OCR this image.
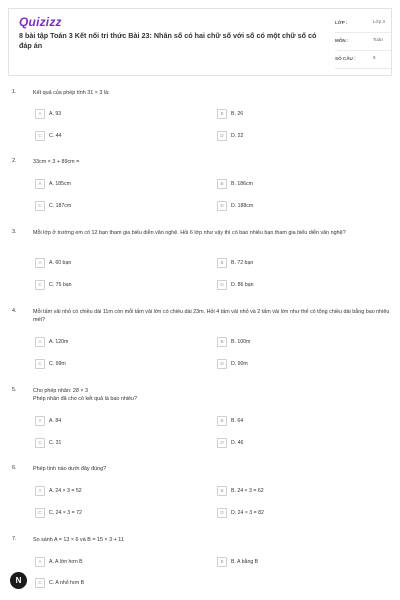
Quizizz
8 bài tập Toán 3 Kết nối tri thức Bài 23: Nhân số có hai chữ số với số có một chữ số có đáp án
LỚP :	Lớp 3
MÔN :	Toán
SỐ CÂU :	8
1.	Kết quả của phép tính 31 × 3 là:
A	A. 93	B	B. 26
C	C. 44	D	D. 22
2.	33cm × 3 + 89cm =
A	A. 185cm	B	B. 186cm
C	C. 187cm	D	D. 188cm
3.	Mỗi lớp ở trường em có 12 bạn tham gia biểu diễn văn nghệ. Hỏi 6 lớp như vậy thì có bao nhiêu bạn tham gia biểu diễn văn nghệ?
A	A. 60 bạn	B	B. 72 bạn
C	C. 75 bạn	D	D. 86 bạn
4.	Mỗi tấm vải nhỏ có chiều dài 11m còn mỗi tấm vải lớn có chiều dài 23m. Hỏi 4 tấm vải nhỏ và 2 tấm vải lớn như thế có tổng chiều dài bằng bao nhiêu mét?
A	A. 120m	B	B. 100m
C	C. 99m	D	D. 90m
5.	Cho phép nhân: 28 × 3
Phép nhân đã cho có kết quả là bao nhiêu?
A	A. 84	B	B. 64
C	C. 31	D	D. 46
6.	Phép tính nào dưới đây đúng?
A	A. 24 × 3 = 52	B	B. 24 × 3 = 62
C	C. 24 × 3 = 72	D	D. 24 × 3 = 82
7.	So sánh A = 13 × 6 và B = 15 × 3 + 11
A	A. A lớn hơn B	B	B. A bằng B
C	C. A nhỏ hơn B
N
